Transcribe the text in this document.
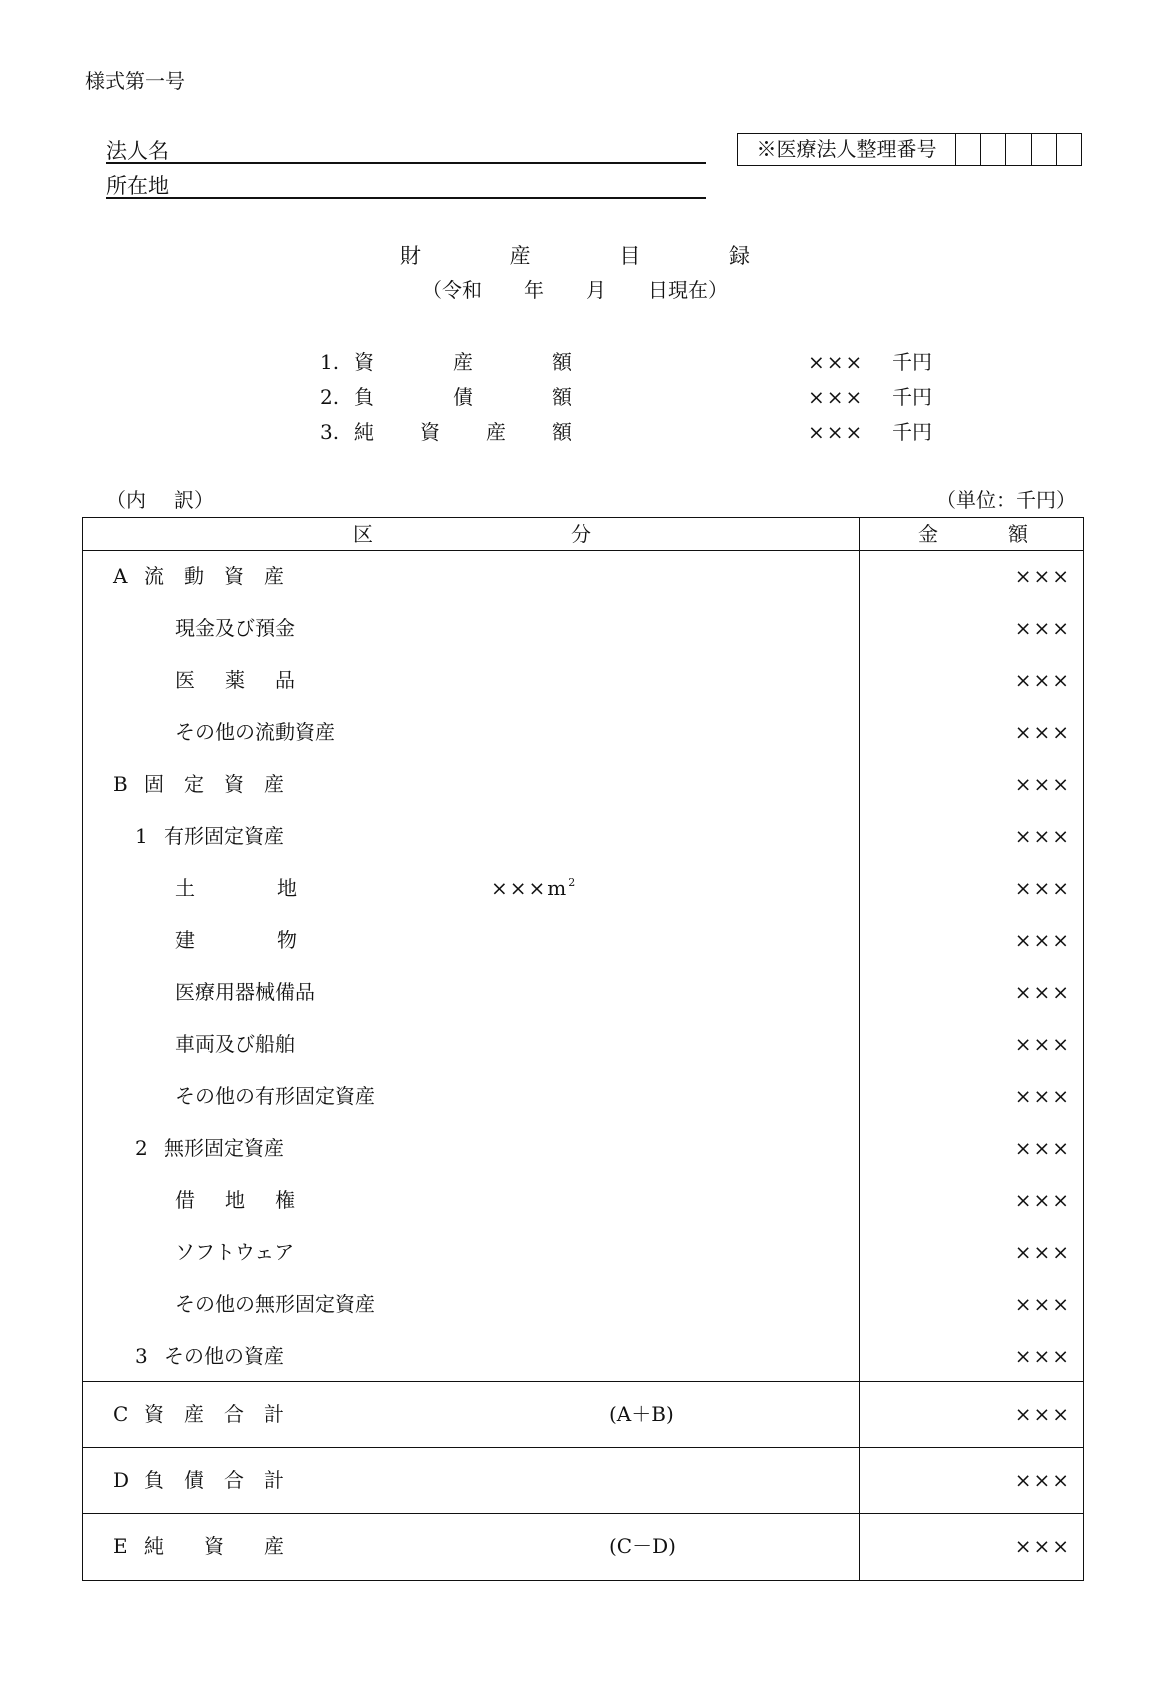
様式第一号
法人名
所在地
※医療法人整理番号
財	産	目	録
（令和 年 月 日現在）
1. 資	産	額	××× 千円
2. 負	債	額	××× 千円
3. 純 資 産 額	××× 千円
（内 訳）	（単位：千円）
区	分	金	額
A 流 動 資 産	×××
現金及び預金	×××
医 薬 品	×××
その他の流動資産	×××
B 固 定 資 産	×××
1 有形固定資産	×××
土	地	$\times\times\times m^2$	×××
建	物	×××
医療用器械備品	×××
車両及び船舶	×××
その他の有形固定資産	×××
2 無形固定資産	×××
借 地 権	×××
ソフトウェア	×××
その他の無形固定資産	×××
3 その他の資産	×××
C 資 産 合 計	(A＋B)	×××
D 負 債 合 計	×××
E 純 資 産	(C－D)	×××
